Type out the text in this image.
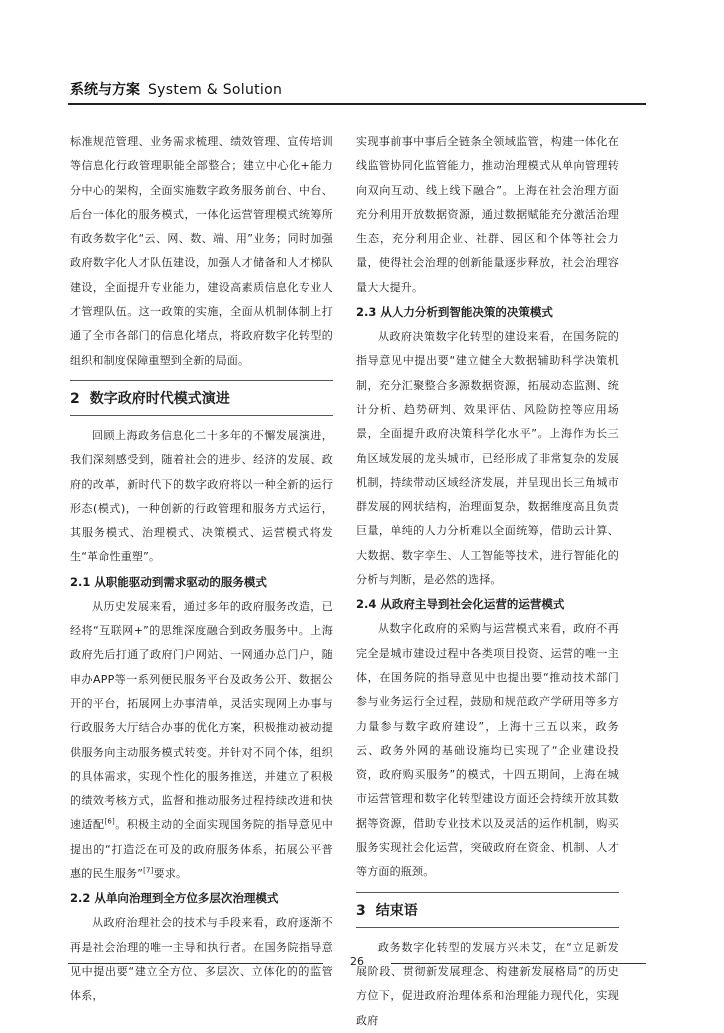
系统与方案 System & Solution

标准规范管理、业务需求梳理、绩效管理、宣传培训等信息化行政管理职能全部整合；建立中心化+能力分中心的架构，全面实施数字政务服务前台、中台、后台一体化的服务模式，一体化运营管理模式统筹所有政务数字化“云、网、数、端、用”业务；同时加强政府数字化人才队伍建设，加强人才储备和人才梯队建设，全面提升专业能力，建设高素质信息化专业人才管理队伍。这一政策的实施，全面从机制体制上打通了全市各部门的信息化堵点，将政府数字化转型的组织和制度保障重塑到全新的局面。

2 数字政府时代模式演进

回顾上海政务信息化二十多年的不懈发展演进，我们深刻感受到，随着社会的进步、经济的发展、政府的改革，新时代下的数字政府将以一种全新的运行形态(模式)，一种创新的行政管理和服务方式运行，其服务模式、治理模式、决策模式、运营模式将发生“革命性重塑”。

2.1 从职能驱动到需求驱动的服务模式

从历史发展来看，通过多年的政府服务改造，已经将“互联网+”的思维深度融合到政务服务中。上海政府先后打通了政府门户网站、一网通办总门户，随申办APP等一系列便民服务平台及政务公开、数据公开的平台，拓展网上办事清单，灵活实现网上办事与行政服务大厅结合办事的优化方案，积极推动被动提供服务向主动服务模式转变。并针对不同个体，组织的具体需求，实现个性化的服务推送，并建立了积极的绩效考核方式，监督和推动服务过程持续改进和快速适配[6]。积极主动的全面实现国务院的指导意见中提出的“打造泛在可及的政府服务体系，拓展公平普惠的民生服务”[7]要求。

2.2 从单向治理到全方位多层次治理模式

从政府治理社会的技术与手段来看，政府逐渐不再是社会治理的唯一主导和执行者。在国务院指导意见中提出要“建立全方位、多层次、立体化的的监管体系，

实现事前事中事后全链条全领域监管，构建一体化在线监管协同化监管能力，推动治理模式从单向管理转向双向互动、线上线下融合”。上海在社会治理方面充分利用开放数据资源，通过数据赋能充分激活治理生态，充分利用企业、社群、园区和个体等社会力量，使得社会治理的创新能量逐步释放，社会治理容量大大提升。

2.3 从人力分析到智能决策的决策模式

从政府决策数字化转型的建设来看，在国务院的指导意见中提出要“建立健全大数据辅助科学决策机制，充分汇聚整合多源数据资源，拓展动态监测、统计分析、趋势研判、效果评估、风险防控等应用场景，全面提升政府决策科学化水平”。上海作为长三角区域发展的龙头城市，已经形成了非常复杂的发展机制，持续带动区域经济发展，并呈现出长三角城市群发展的网状结构，治理面复杂，数据维度高且负责巨量，单纯的人力分析难以全面统筹，借助云计算、大数据、数字孪生、人工智能等技术，进行智能化的分析与判断，是必然的选择。

2.4 从政府主导到社会化运营的运营模式

从数字化政府的采购与运营模式来看，政府不再完全是城市建设过程中各类项目投资、运营的唯一主体，在国务院的指导意见中也提出要“推动技术部门参与业务运行全过程，鼓励和规范政产学研用等多方力量参与数字政府建设”，上海十三五以来，政务云、政务外网的基础设施均已实现了“企业建设投资，政府购买服务”的模式，十四五期间，上海在城市运营管理和数字化转型建设方面还会持续开放其数据等资源，借助专业技术以及灵活的运作机制，购买服务实现社会化运营，突破政府在资金、机制、人才等方面的瓶颈。

3 结束语

政务数字化转型的发展方兴未艾，在“立足新发展阶段、贯彻新发展理念、构建新发展格局”的历史方位下，促进政府治理体系和治理能力现代化，实现政府

26
